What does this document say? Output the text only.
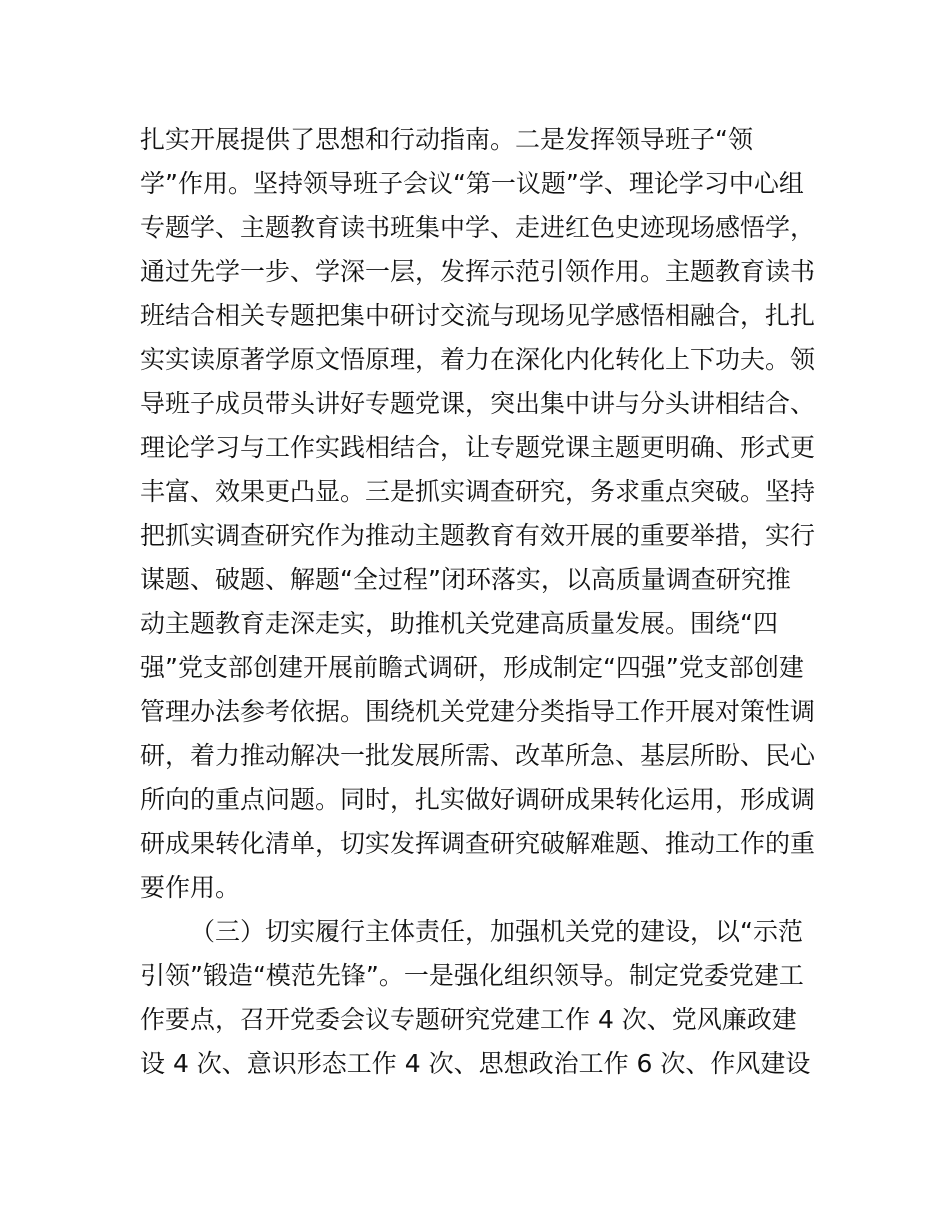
扎实开展提供了思想和行动指南。二是发挥领导班子“领
学”作用。坚持领导班子会议“第一议题”学、理论学习中心组
专题学、主题教育读书班集中学、走进红色史迹现场感悟学，
通过先学一步、学深一层，发挥示范引领作用。主题教育读书
班结合相关专题把集中研讨交流与现场见学感悟相融合，扎扎
实实读原著学原文悟原理，着力在深化内化转化上下功夫。领
导班子成员带头讲好专题党课，突出集中讲与分头讲相结合、
理论学习与工作实践相结合，让专题党课主题更明确、形式更
丰富、效果更凸显。三是抓实调查研究，务求重点突破。坚持
把抓实调查研究作为推动主题教育有效开展的重要举措，实行
谋题、破题、解题“全过程”闭环落实，以高质量调查研究推
动主题教育走深走实，助推机关党建高质量发展。围绕“四
强”党支部创建开展前瞻式调研，形成制定“四强”党支部创建
管理办法参考依据。围绕机关党建分类指导工作开展对策性调
研，着力推动解决一批发展所需、改革所急、基层所盼、民心
所向的重点问题。同时，扎实做好调研成果转化运用，形成调
研成果转化清单，切实发挥调查研究破解难题、推动工作的重
要作用。
（三）切实履行主体责任，加强机关党的建设，以“示范
引领”锻造“模范先锋”。一是强化组织领导。制定党委党建工
作要点，召开党委会议专题研究党建工作 4 次、党风廉政建
设 4 次、意识形态工作 4 次、思想政治工作 6 次、作风建设
